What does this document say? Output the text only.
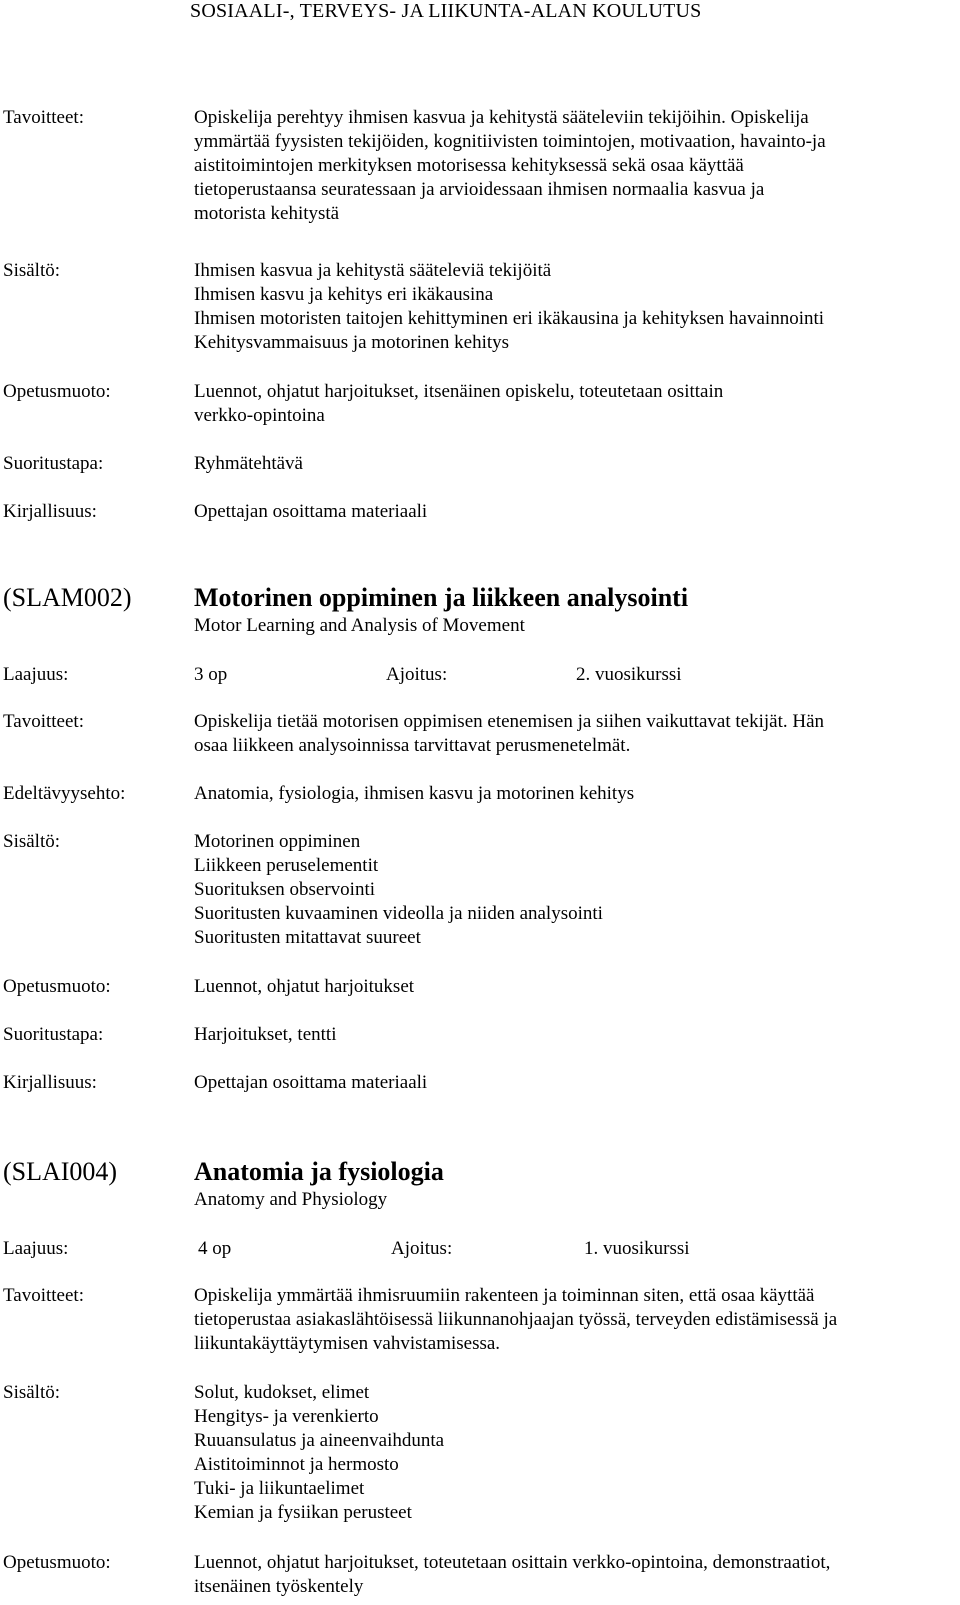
SOSIAALI-, TERVEYS- JA LIIKUNTA-ALAN KOULUTUS
Tavoitteet:	Opiskelija perehtyy ihmisen kasvua ja kehitystä sääteleviin tekijöihin. Opiskelija
ymmärtää fyysisten tekijöiden, kognitiivisten toimintojen, motivaation, havainto-ja
aistitoimintojen merkityksen motorisessa kehityksessä sekä osaa käyttää
tietoperustaansa seuratessaan ja arvioidessaan ihmisen normaalia kasvua ja
motorista kehitystä
Sisältö:	Ihmisen kasvua ja kehitystä sääteleviä tekijöitä
Ihmisen kasvu ja kehitys eri ikäkausina
Ihmisen motoristen taitojen kehittyminen eri ikäkausina ja kehityksen havainnointi
Kehitysvammaisuus ja motorinen kehitys
Opetusmuoto:	Luennot, ohjatut harjoitukset, itsenäinen opiskelu, toteutetaan osittain
verkko-opintoina
Suoritustapa:	Ryhmätehtävä
Kirjallisuus:	Opettajan osoittama materiaali
(SLAM002) Motorinen oppiminen ja liikkeen analysointi
Motor Learning and Analysis of Movement
Laajuus:	3 op	Ajoitus:	2. vuosikurssi
Tavoitteet:	Opiskelija tietää motorisen oppimisen etenemisen ja siihen vaikuttavat tekijät. Hän
osaa liikkeen analysoinnissa tarvittavat perusmenetelmät.
Edeltävyysehto:	Anatomia, fysiologia, ihmisen kasvu ja motorinen kehitys
Sisältö:	Motorinen oppiminen
Liikkeen peruselementit
Suorituksen observointi
Suoritusten kuvaaminen videolla ja niiden analysointi
Suoritusten mitattavat suureet
Opetusmuoto:	Luennot, ohjatut harjoitukset
Suoritustapa:	Harjoitukset, tentti
Kirjallisuus:	Opettajan osoittama materiaali
(SLAI004)	Anatomia ja fysiologia
Anatomy and Physiology
Laajuus:	4 op	Ajoitus:	1. vuosikurssi
Tavoitteet:	Opiskelija ymmärtää ihmisruumiin rakenteen ja toiminnan siten, että osaa käyttää
tietoperustaa asiakaslähtöisessä liikunnanohjaajan työssä, terveyden edistämisessä ja
liikuntakäyttäytymisen vahvistamisessa.
Sisältö:	Solut, kudokset, elimet
Hengitys- ja verenkierto
Ruuansulatus ja aineenvaihdunta
Aistitoiminnot ja hermosto
Tuki- ja liikuntaelimet
Kemian ja fysiikan perusteet
Opetusmuoto:	Luennot, ohjatut harjoitukset, toteutetaan osittain verkko-opintoina, demonstraatiot,
itsenäinen työskentely
